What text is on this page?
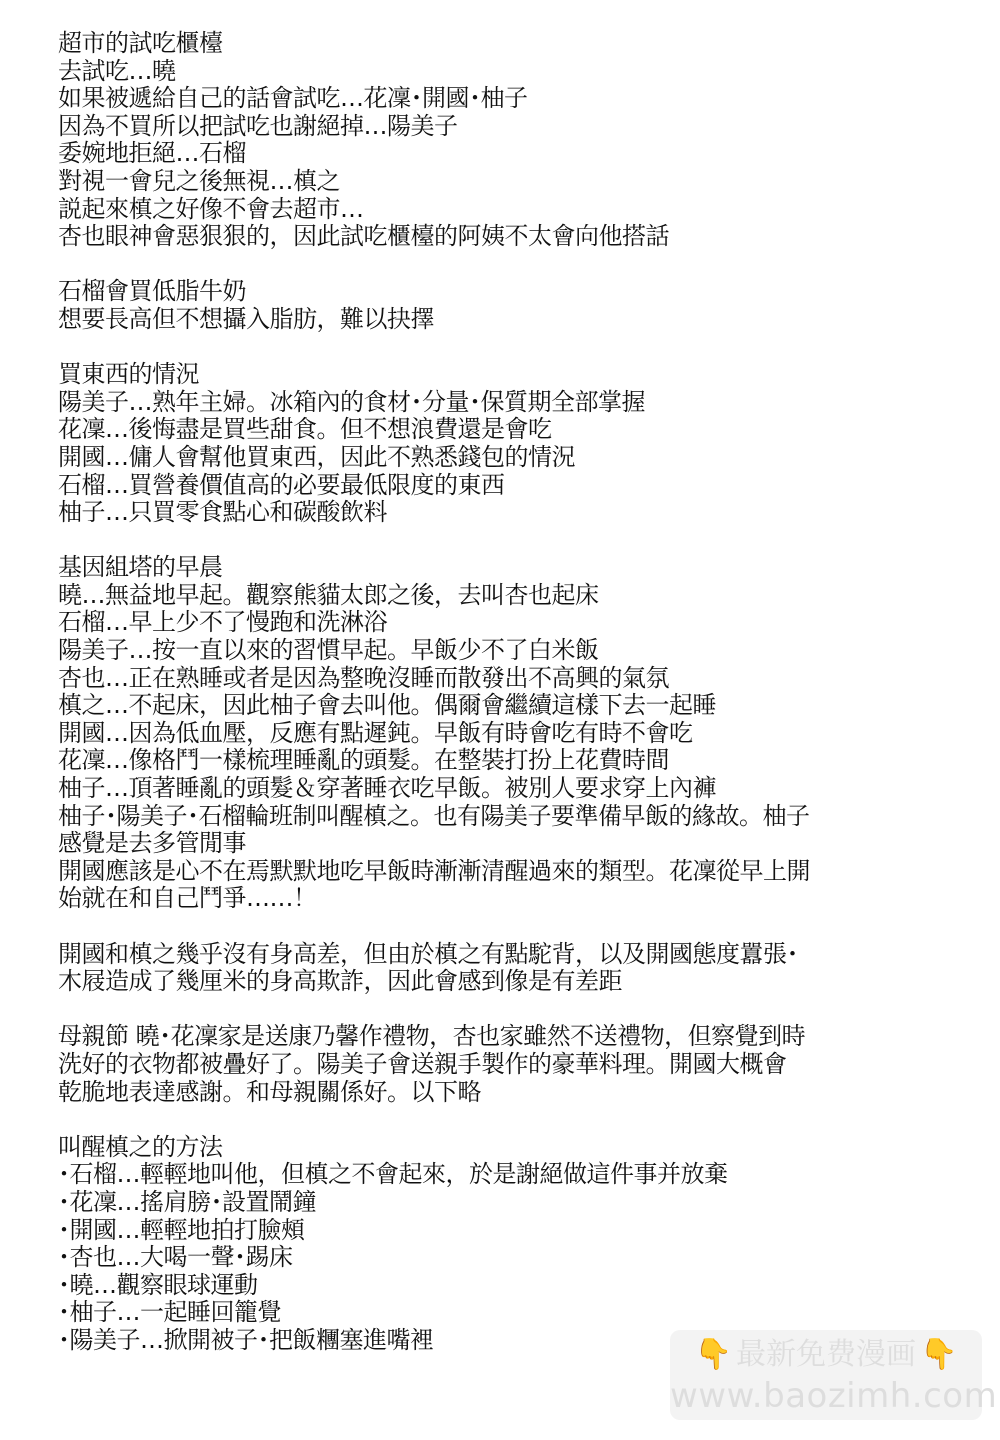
超市的試吃櫃檯
去試吃…曉
如果被遞給自己的話會試吃…花凜･開國･柚子
因為不買所以把試吃也謝絕掉…陽美子
委婉地拒絕…石榴
對視一會兒之後無視…槙之
説起來槙之好像不會去超市…
杏也眼神會惡狠狠的，因此試吃櫃檯的阿姨不太會向他搭話
石榴會買低脂牛奶
想要長高但不想攝入脂肪，難以抉擇
買東西的情況
陽美子…熟年主婦。冰箱內的食材･分量･保質期全部掌握
花凜…後悔盡是買些甜食。但不想浪費還是會吃
開國…傭人會幫他買東西，因此不熟悉錢包的情況
石榴…買營養價值高的必要最低限度的東西
柚子…只買零食點心和碳酸飲料
基因組塔的早晨
曉…無益地早起。觀察熊貓太郎之後，去叫杏也起床
石榴…早上少不了慢跑和洗淋浴
陽美子…按一直以來的習慣早起。早飯少不了白米飯
杏也…正在熟睡或者是因為整晚沒睡而散發出不高興的氣氛
槙之…不起床，因此柚子會去叫他。偶爾會繼續這樣下去一起睡
開國…因為低血壓，反應有點遲鈍。早飯有時會吃有時不會吃
花凜…像格鬥一樣梳理睡亂的頭髮。在整裝打扮上花費時間
柚子…頂著睡亂的頭髮＆穿著睡衣吃早飯。被別人要求穿上內褲
柚子･陽美子･石榴輪班制叫醒槙之。也有陽美子要準備早飯的緣故。柚子
感覺是去多管閒事
開國應該是心不在焉默默地吃早飯時漸漸清醒過來的類型。花凜從早上開
始就在和自己鬥爭……！
開國和槙之幾乎沒有身高差，但由於槙之有點駝背，以及開國態度囂張･
木屐造成了幾厘米的身高欺詐，因此會感到像是有差距
母親節 曉･花凜家是送康乃馨作禮物，杏也家雖然不送禮物，但察覺到時
洗好的衣物都被疊好了。陽美子會送親手製作的豪華料理。開國大概會
乾脆地表達感謝。和母親關係好。以下略
叫醒槙之的方法
･石榴…輕輕地叫他，但槙之不會起來，於是謝絕做這件事并放棄
･花凜…搖肩膀･設置鬧鐘
･開國…輕輕地拍打臉頰
･杏也…大喝一聲･踢床
･曉…觀察眼球運動
･柚子…一起睡回籠覺
･陽美子…掀開被子･把飯糰塞進嘴裡	👇 最新免费漫画 👇
www.baozimh.com
